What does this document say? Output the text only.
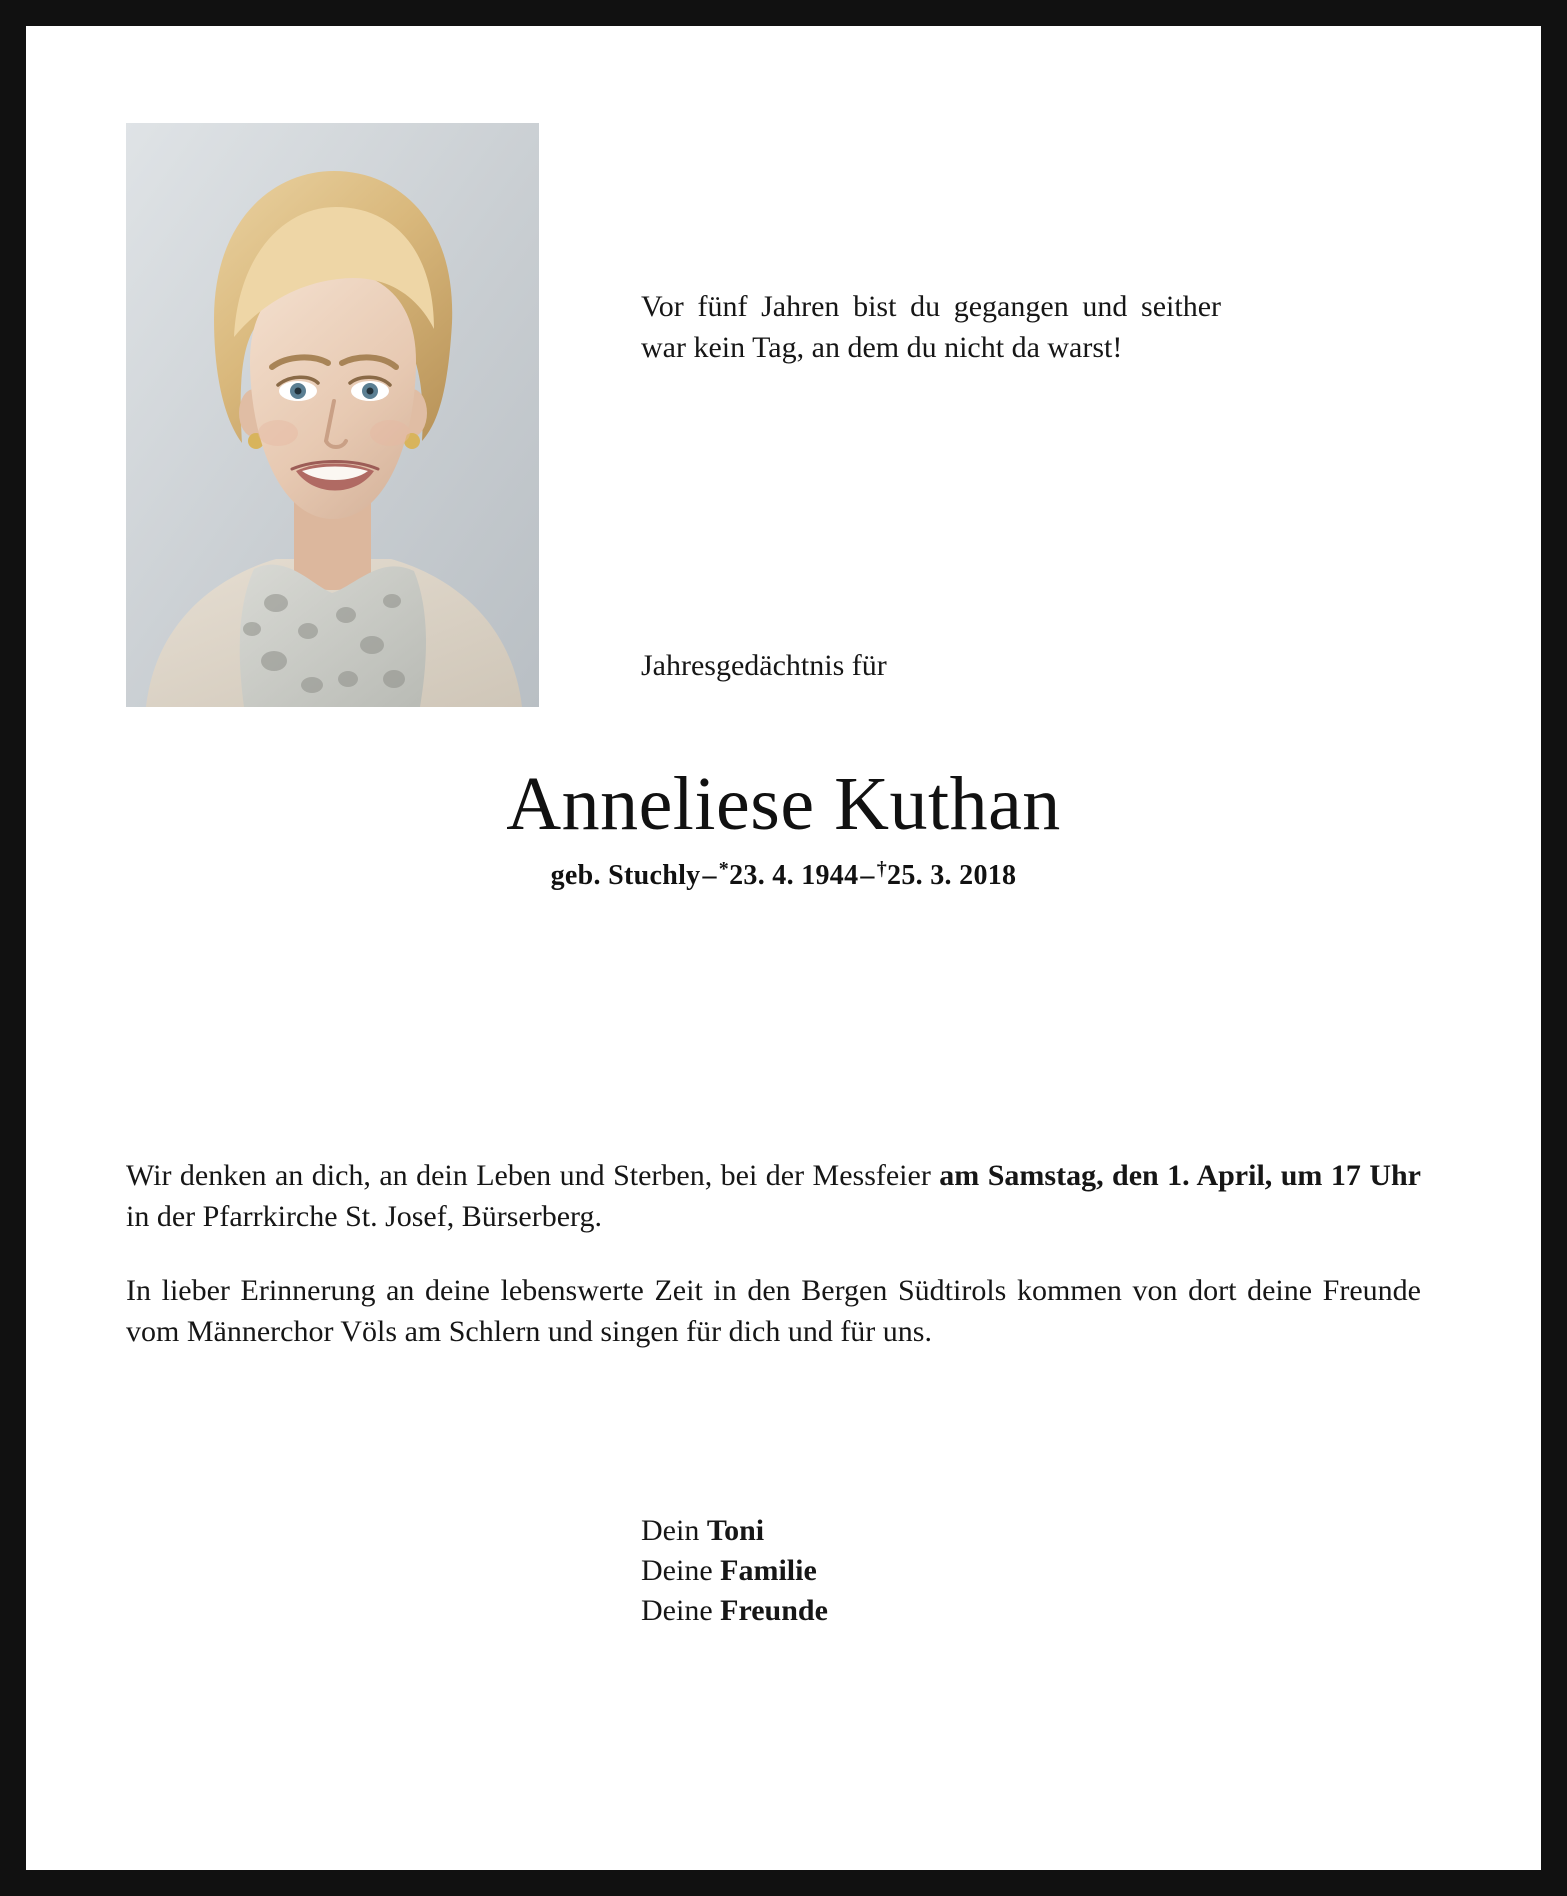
Vor fünf Jahren bist du gegangen und seither war kein Tag, an dem du nicht da warst!
Jahresgedächtnis für
Anneliese Kuthan
geb. Stuchly– *23. 4. 1944– †25. 3. 2018
Wir denken an dich, an dein Leben und Sterben, bei der Messfeier am Samstag, den 1. April, um 17 Uhr in der Pfarrkirche St. Josef, Bürserberg.
In lieber Erinnerung an deine lebenswerte Zeit in den Bergen Südtirols kommen von dort deine Freunde vom Männerchor Völs am Schlern und singen für dich und für uns.
Dein Toni
Deine Familie
Deine Freunde
